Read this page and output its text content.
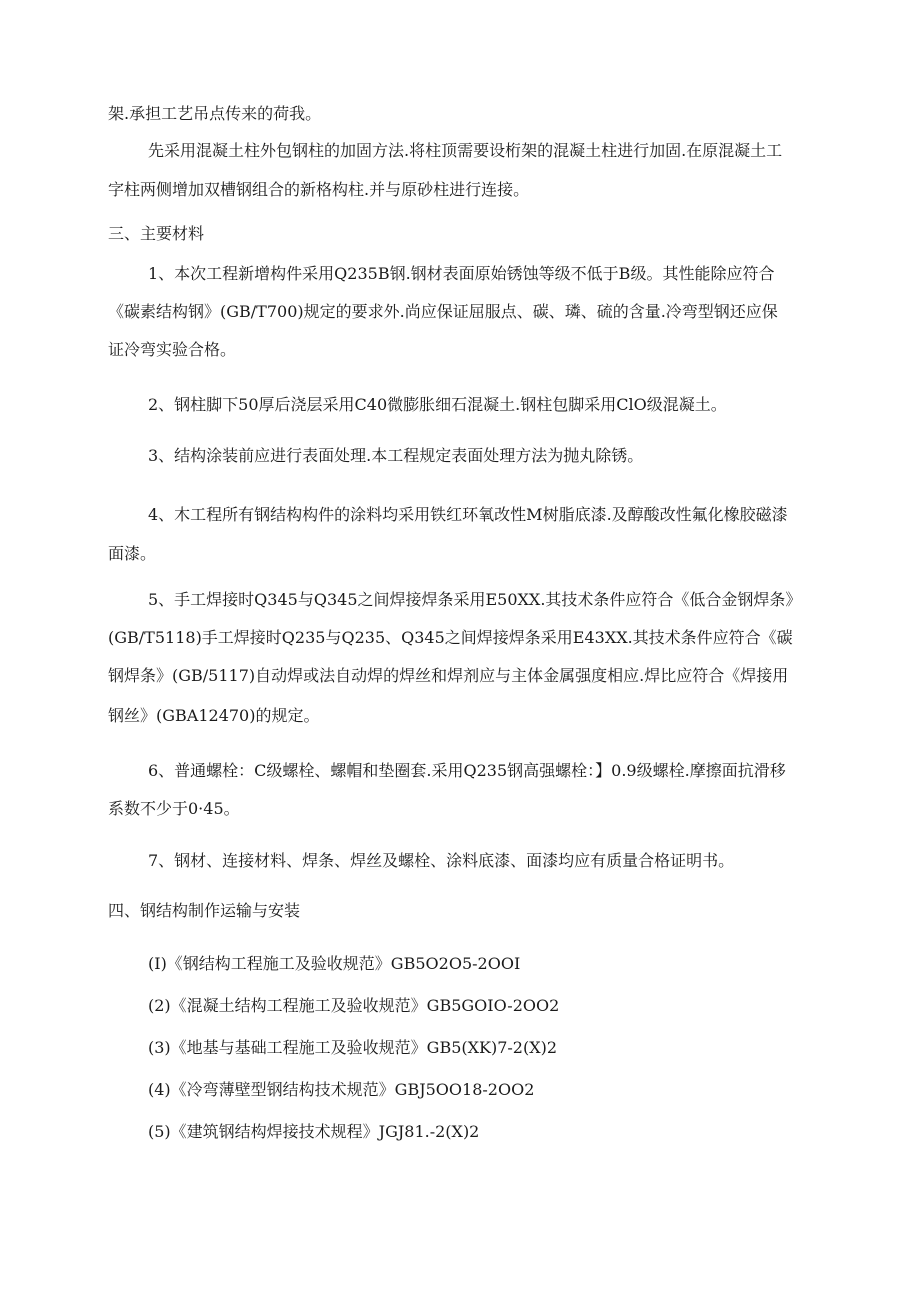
架.承担工艺吊点传来的荷我。
先采用混凝土柱外包钢柱的加固方法.将柱顶需要设桁架的混凝土柱进行加固.在原混凝土工
字柱两侧增加双槽钢组合的新格构柱.并与原砂柱进行连接。
三、主要材料
1、本次工程新增构件采用Q235B钢.钢材表面原始锈蚀等级不低于B级。其性能除应符合
《碳素结构钢》(GB/T700)规定的要求外.尚应保证屈服点、碳、璘、硫的含量.冷弯型钢还应保
证冷弯实验合格。
2、钢柱脚下50厚后浇层采用C40微膨胀细石混凝土.钢柱包脚采用ClO级混凝土。
3、结构涂装前应进行表面处理.本工程规定表面处理方法为抛丸除锈。
4、木工程所有钢结构构件的涂料均采用铁红环氧改性M树脂底漆.及醇酸改性氟化橡胶磁漆
面漆。
5、手工焊接时Q345与Q345之间焊接焊条采用E50XX.其技术条件应符合《低合金钢焊条》
(GB/T5118)手工焊接时Q235与Q235、Q345之间焊接焊条采用E43XX.其技术条件应符合《碳
钢焊条》(GB/5117)自动焊或法自动焊的焊丝和焊剂应与主体金属强度相应.焊比应符合《焊接用
钢丝》(GBA12470)的规定。
6、普通螺栓：C级螺栓、螺帽和垫圈套.采用Q235钢高强螺栓：】0.9级螺栓.摩擦面抗滑移
系数不少于0·45。
7、钢材、连接材料、焊条、焊丝及螺栓、涂料底漆、面漆均应有质量合格证明书。
四、钢结构制作运输与安装
(I)《钢结构工程施工及验收规范》GB5O2O5-2OOI
(2)《混凝土结构工程施工及验收规范》GB5GOIO-2OO2
(3)《地基与基础工程施工及验收规范》GB5(XK)7-2(X)2
(4)《冷弯薄壁型钢结构技术规范》GBJ5OO18-2OO2
(5)《建筑钢结构焊接技术规程》JGJ81.-2(X)2
